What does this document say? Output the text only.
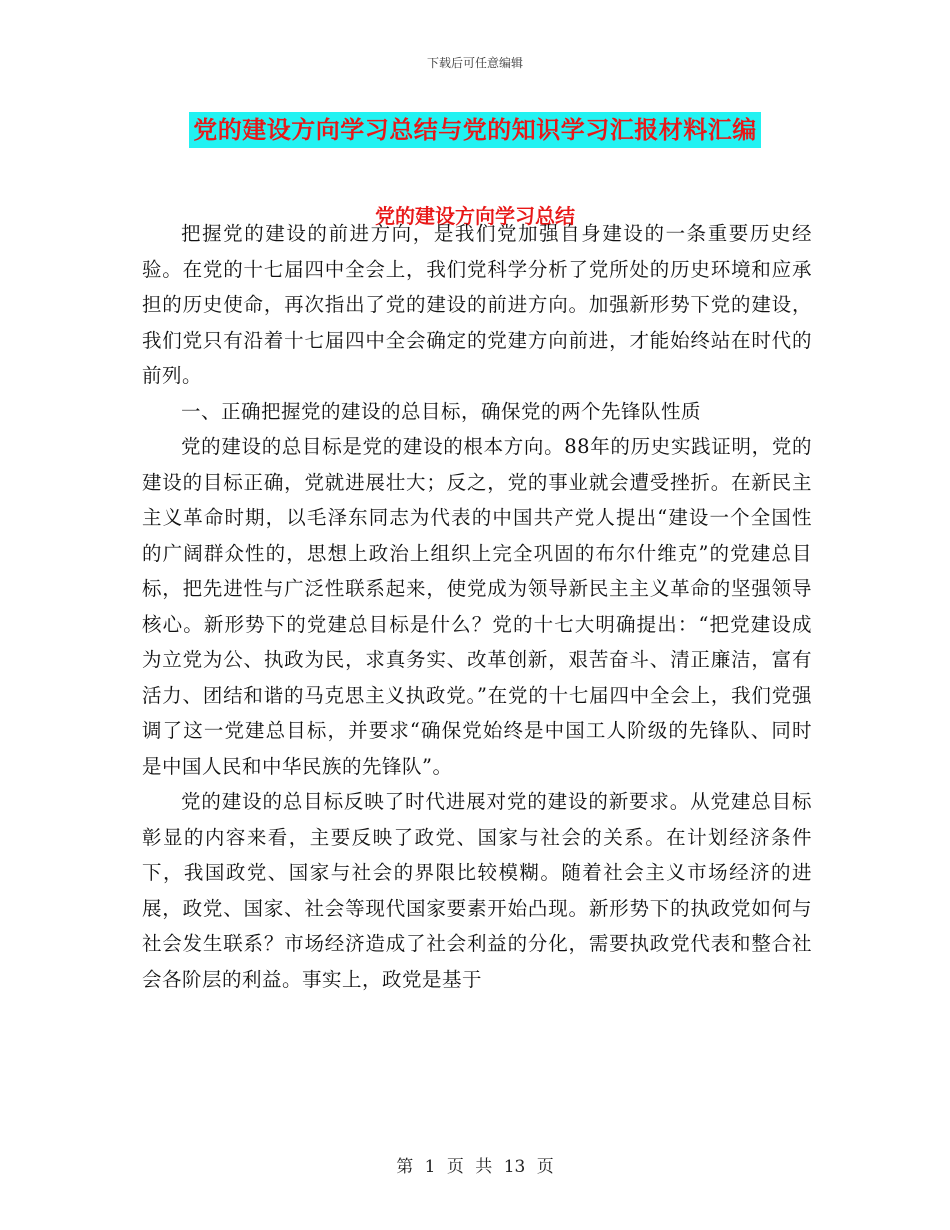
下载后可任意编辑
党的建设方向学习总结与党的知识学习汇报材料汇编
党的建设方向学习总结

把握党的建设的前进方向，是我们党加强自身建设的一条重要历史经验。在党的十七届四中全会上，我们党科学分析了党所处的历史环境和应承担的历史使命，再次指出了党的建设的前进方向。加强新形势下党的建设，我们党只有沿着十七届四中全会确定的党建方向前进，才能始终站在时代的前列。

一、正确把握党的建设的总目标，确保党的两个先锋队性质

党的建设的总目标是党的建设的根本方向。88年的历史实践证明，党的建设的目标正确，党就进展壮大；反之，党的事业就会遭受挫折。在新民主主义革命时期，以毛泽东同志为代表的中国共产党人提出“建设一个全国性的广阔群众性的，思想上政治上组织上完全巩固的布尔什维克”的党建总目标，把先进性与广泛性联系起来，使党成为领导新民主主义革命的坚强领导核心。新形势下的党建总目标是什么？党的十七大明确提出：“把党建设成为立党为公、执政为民，求真务实、改革创新，艰苦奋斗、清正廉洁，富有活力、团结和谐的马克思主义执政党。”在党的十七届四中全会上，我们党强调了这一党建总目标，并要求“确保党始终是中国工人阶级的先锋队、同时是中国人民和中华民族的先锋队”。

党的建设的总目标反映了时代进展对党的建设的新要求。从党建总目标彰显的内容来看，主要反映了政党、国家与社会的关系。在计划经济条件下，我国政党、国家与社会的界限比较模糊。随着社会主义市场经济的进展，政党、国家、社会等现代国家要素开始凸现。新形势下的执政党如何与社会发生联系？市场经济造成了社会利益的分化，需要执政党代表和整合社会各阶层的利益。事实上，政党是基于

第 1 页 共 13 页
